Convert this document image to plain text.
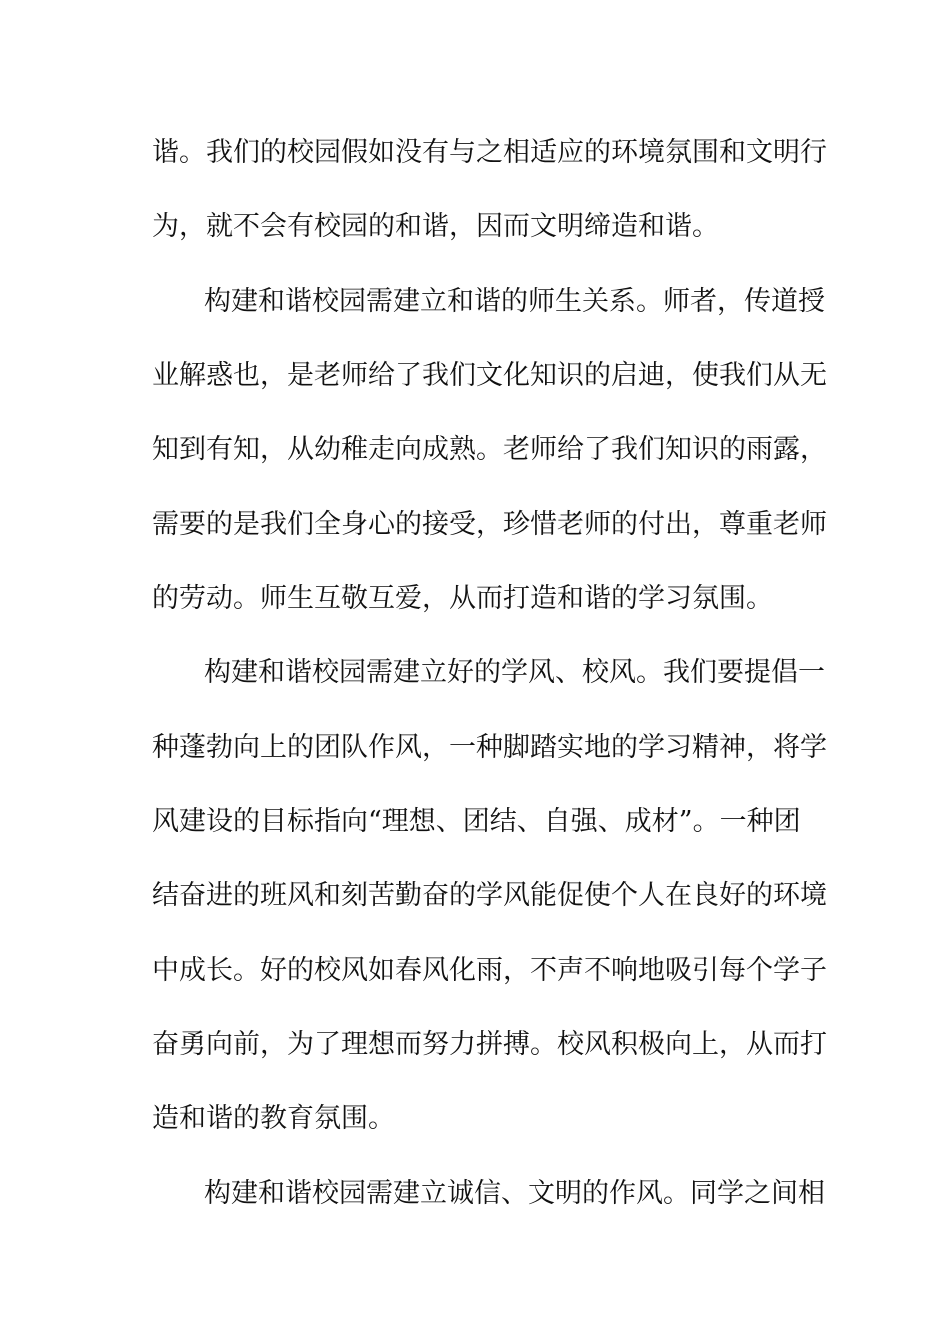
谐。我们的校园假如没有与之相适应的环境氛围和文明行
为，就不会有校园的和谐，因而文明缔造和谐。
构建和谐校园需建立和谐的师生关系。师者，传道授
业解惑也，是老师给了我们文化知识的启迪，使我们从无
知到有知，从幼稚走向成熟。老师给了我们知识的雨露，
需要的是我们全身心的接受，珍惜老师的付出，尊重老师
的劳动。师生互敬互爱，从而打造和谐的学习氛围。
构建和谐校园需建立好的学风、校风。我们要提倡一
种蓬勃向上的团队作风，一种脚踏实地的学习精神，将学
风建设的目标指向“理想、团结、自强、成材”。一种团
结奋进的班风和刻苦勤奋的学风能促使个人在良好的环境
中成长。好的校风如春风化雨，不声不响地吸引每个学子
奋勇向前，为了理想而努力拼搏。校风积极向上，从而打
造和谐的教育氛围。
构建和谐校园需建立诚信、文明的作风。同学之间相
